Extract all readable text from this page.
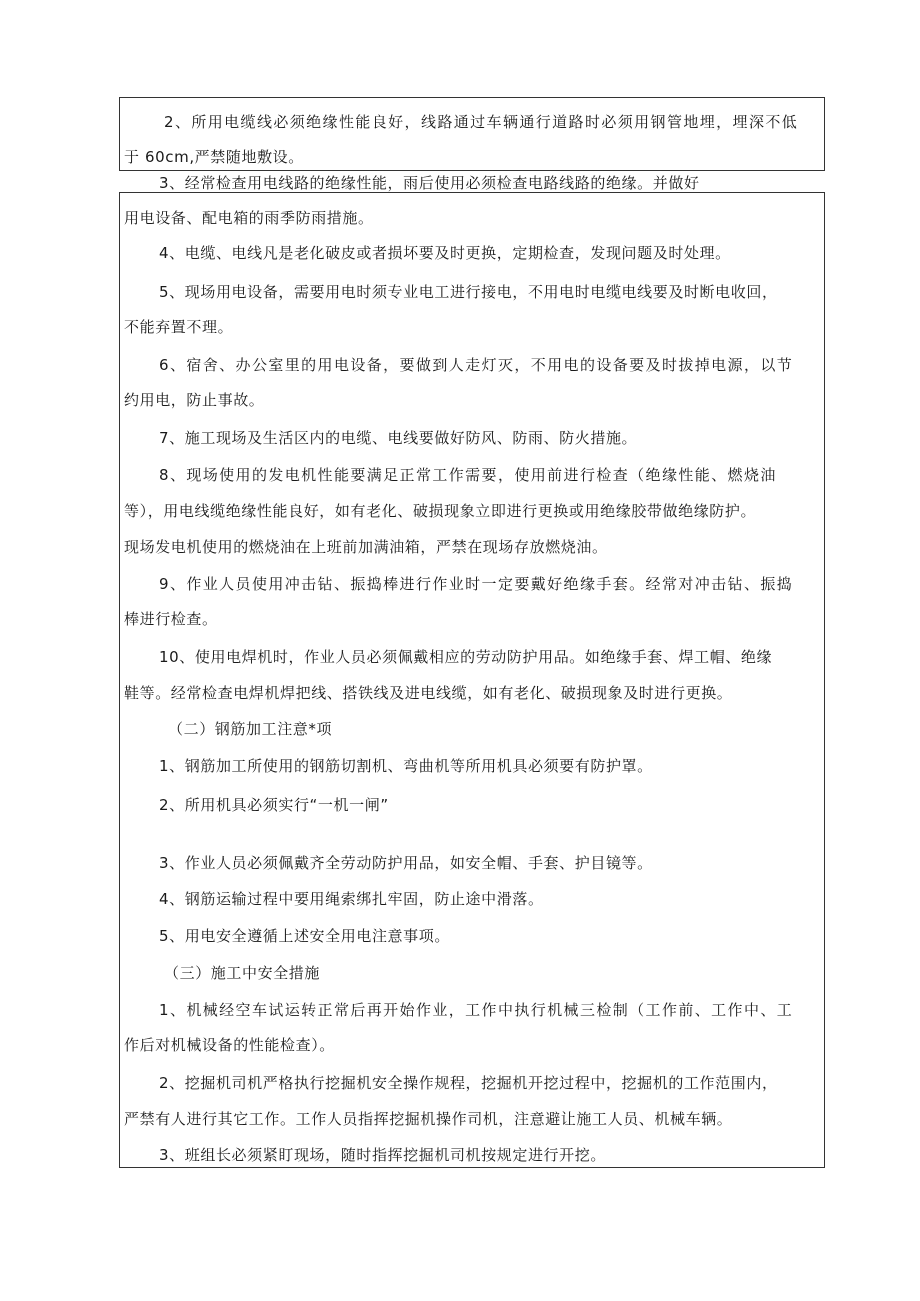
2、所用电缆线必须绝缘性能良好，线路通过车辆通行道路时必须用钢管地埋，埋深不低
于 60cm,严禁随地敷设。
3、经常检查用电线路的绝缘性能，雨后使用必须检查电路线路的绝缘。并做好
用电设备、配电箱的雨季防雨措施。
4、电缆、电线凡是老化破皮或者损坏要及时更换，定期检查，发现问题及时处理。
5、现场用电设备，需要用电时须专业电工进行接电，不用电时电缆电线要及时断电收回，
不能弃置不理。
6、宿舍、办公室里的用电设备，要做到人走灯灭，不用电的设备要及时拔掉电源，以节
约用电，防止事故。
7、施工现场及生活区内的电缆、电线要做好防风、防雨、防火措施。
8、现场使用的发电机性能要满足正常工作需要，使用前进行检查（绝缘性能、燃烧油
等），用电线缆绝缘性能良好，如有老化、破损现象立即进行更换或用绝缘胶带做绝缘防护。
现场发电机使用的燃烧油在上班前加满油箱，严禁在现场存放燃烧油。
9、作业人员使用冲击钻、振捣棒进行作业时一定要戴好绝缘手套。经常对冲击钻、振捣
棒进行检查。
10、使用电焊机时，作业人员必须佩戴相应的劳动防护用品。如绝缘手套、焊工帽、绝缘
鞋等。经常检查电焊机焊把线、搭铁线及进电线缆，如有老化、破损现象及时进行更换。
（二）钢筋加工注意*项
1、钢筋加工所使用的钢筋切割机、弯曲机等所用机具必须要有防护罩。
2、所用机具必须实行“一机一闸”
3、作业人员必须佩戴齐全劳动防护用品，如安全帽、手套、护目镜等。
4、钢筋运输过程中要用绳索绑扎牢固，防止途中滑落。
5、用电安全遵循上述安全用电注意事项。
（三）施工中安全措施
1、机械经空车试运转正常后再开始作业，工作中执行机械三检制（工作前、工作中、工
作后对机械设备的性能检查）。
2、挖掘机司机严格执行挖掘机安全操作规程，挖掘机开挖过程中，挖掘机的工作范围内，
严禁有人进行其它工作。工作人员指挥挖掘机操作司机，注意避让施工人员、机械车辆。
3、班组长必须紧盯现场，随时指挥挖掘机司机按规定进行开挖。
